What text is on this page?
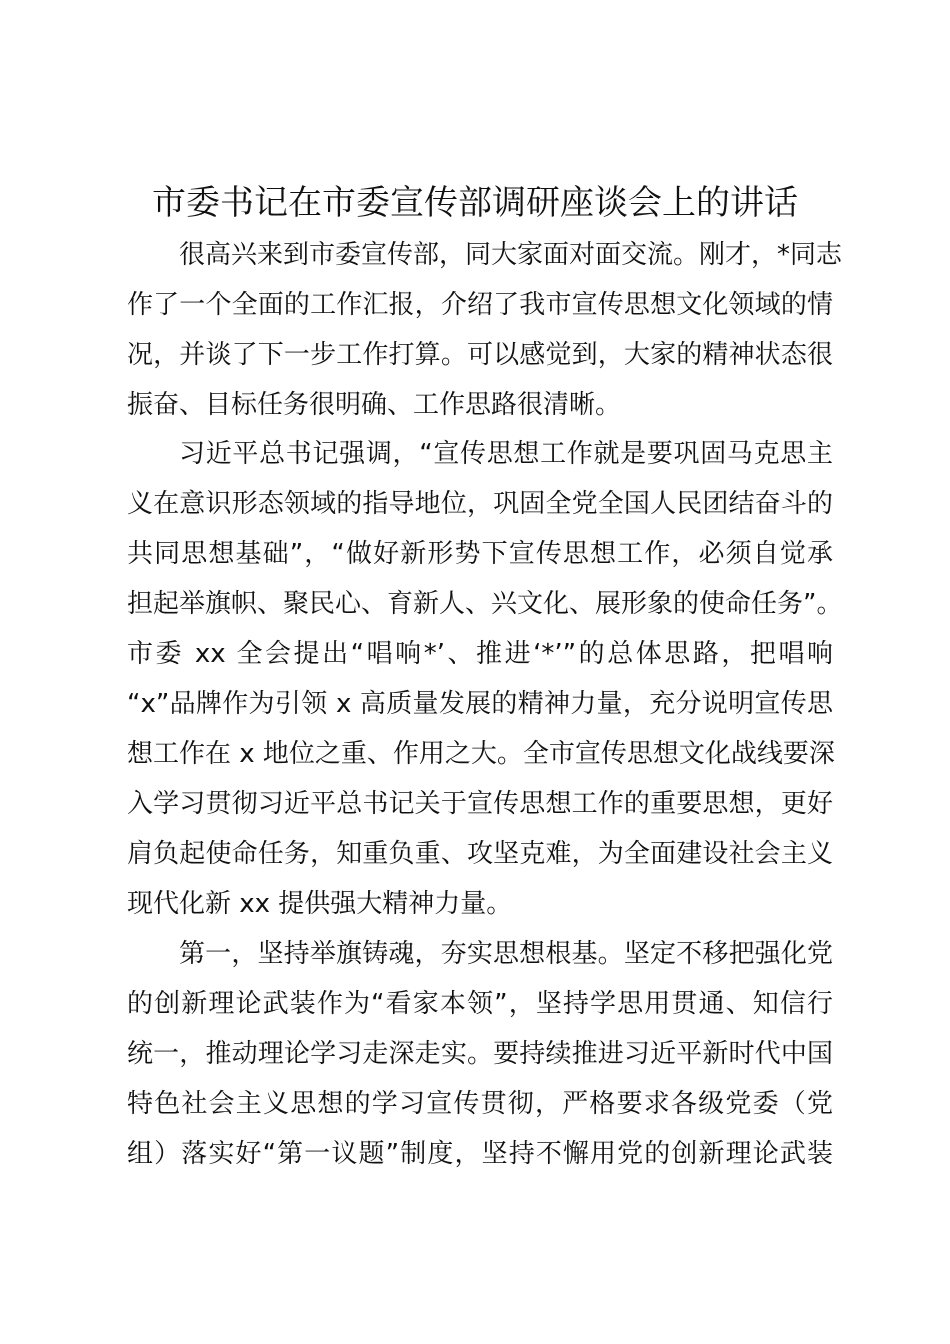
市委书记在市委宣传部调研座谈会上的讲话
很高兴来到市委宣传部，同大家面对面交流。刚才，*同志
作了一个全面的工作汇报，介绍了我市宣传思想文化领域的情
况，并谈了下一步工作打算。可以感觉到，大家的精神状态很
振奋、目标任务很明确、工作思路很清晰。
习近平总书记强调，“宣传思想工作就是要巩固马克思主
义在意识形态领域的指导地位，巩固全党全国人民团结奋斗的
共同思想基础”，“做好新形势下宣传思想工作，必须自觉承
担起举旗帜、聚民心、育新人、兴文化、展形象的使命任务”。
市委 xx 全会提出“唱响*’、推进‘*’”的总体思路，把唱响
“x”品牌作为引领 x 高质量发展的精神力量，充分说明宣传思
想工作在 x 地位之重、作用之大。全市宣传思想文化战线要深
入学习贯彻习近平总书记关于宣传思想工作的重要思想，更好
肩负起使命任务，知重负重、攻坚克难，为全面建设社会主义
现代化新 xx 提供强大精神力量。
第一，坚持举旗铸魂，夯实思想根基。坚定不移把强化党
的创新理论武装作为“看家本领”，坚持学思用贯通、知信行
统一，推动理论学习走深走实。要持续推进习近平新时代中国
特色社会主义思想的学习宣传贯彻，严格要求各级党委（党
组）落实好“第一议题”制度，坚持不懈用党的创新理论武装
